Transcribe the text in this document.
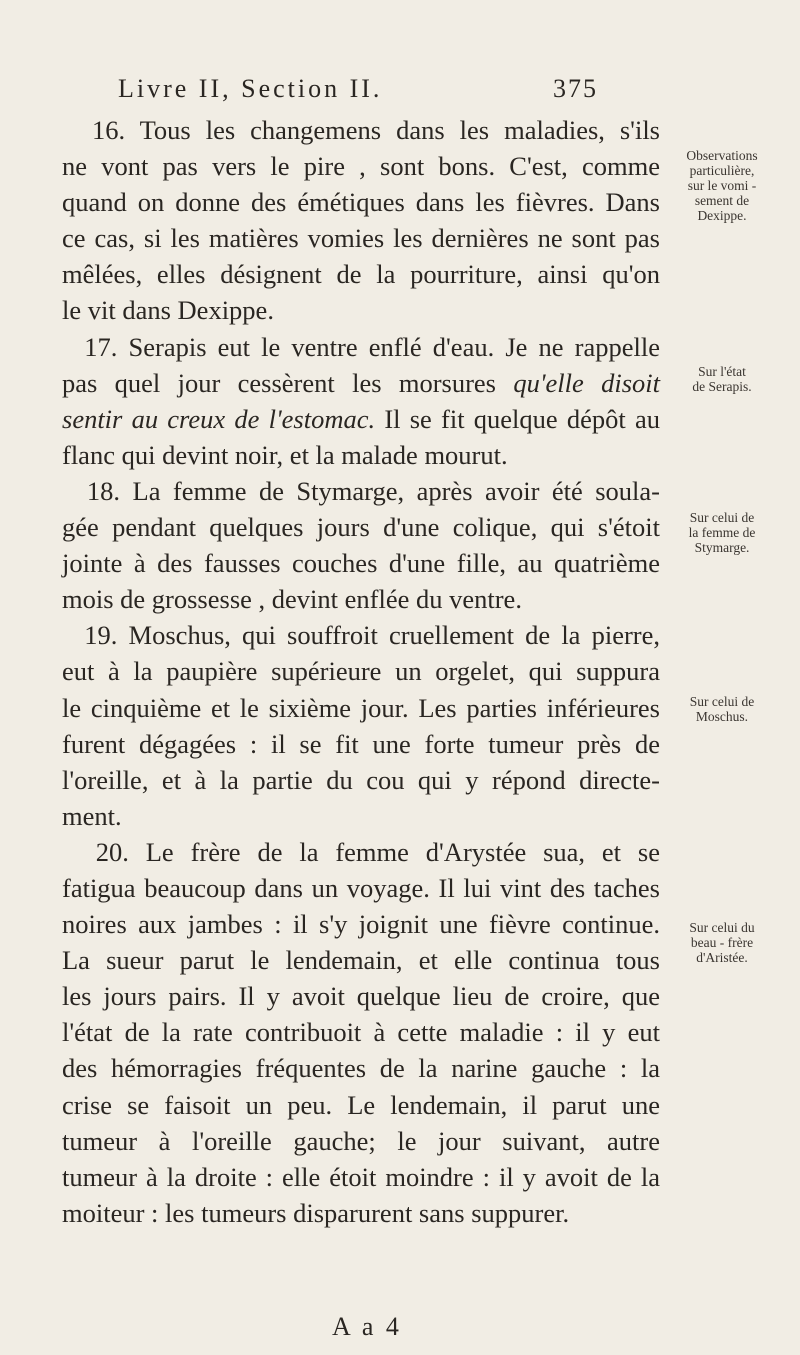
Livre II, Section II.	375
16. Tous les changemens dans les maladies, s'ils
ne vont pas vers le pire , sont bons. C'est, comme
quand on donne des émétiques dans les fièvres. Dans
ce cas, si les matières vomies les dernières ne sont pas
mêlées, elles désignent de la pourriture, ainsi qu'on
le vit dans Dexippe.
17. Serapis eut le ventre enflé d'eau. Je ne rappelle
pas quel jour cessèrent les morsures qu'elle disoit
sentir au creux de l'estomac. Il se fit quelque dépôt au
flanc qui devint noir, et la malade mourut.
18. La femme de Stymarge, après avoir été soula-
gée pendant quelques jours d'une colique, qui s'étoit
jointe à des fausses couches d'une fille, au quatrième
mois de grossesse , devint enflée du ventre.
19. Moschus, qui souffroit cruellement de la pierre,
eut à la paupière supérieure un orgelet, qui suppura
le cinquième et le sixième jour. Les parties inférieures
furent dégagées : il se fit une forte tumeur près de
l'oreille, et à la partie du cou qui y répond directe-
ment.
20. Le frère de la femme d'Arystée sua, et se
fatigua beaucoup dans un voyage. Il lui vint des taches
noires aux jambes : il s'y joignit une fièvre continue.
La sueur parut le lendemain, et elle continua tous
les jours pairs. Il y avoit quelque lieu de croire, que
l'état de la rate contribuoit à cette maladie : il y eut
des hémorragies fréquentes de la narine gauche : la
crise se faisoit un peu. Le lendemain, il parut une
tumeur à l'oreille gauche; le jour suivant, autre
tumeur à la droite : elle étoit moindre : il y avoit de la
moiteur : les tumeurs disparurent sans suppurer.
Observations
particulière,
sur le vomi -
sement de
Dexippe.
Sur l'état
de Serapis.
Sur celui de
la femme de
Stymarge.
Sur celui de
Moschus.
Sur celui du
beau - frère
d'Aristée.
A a 4
